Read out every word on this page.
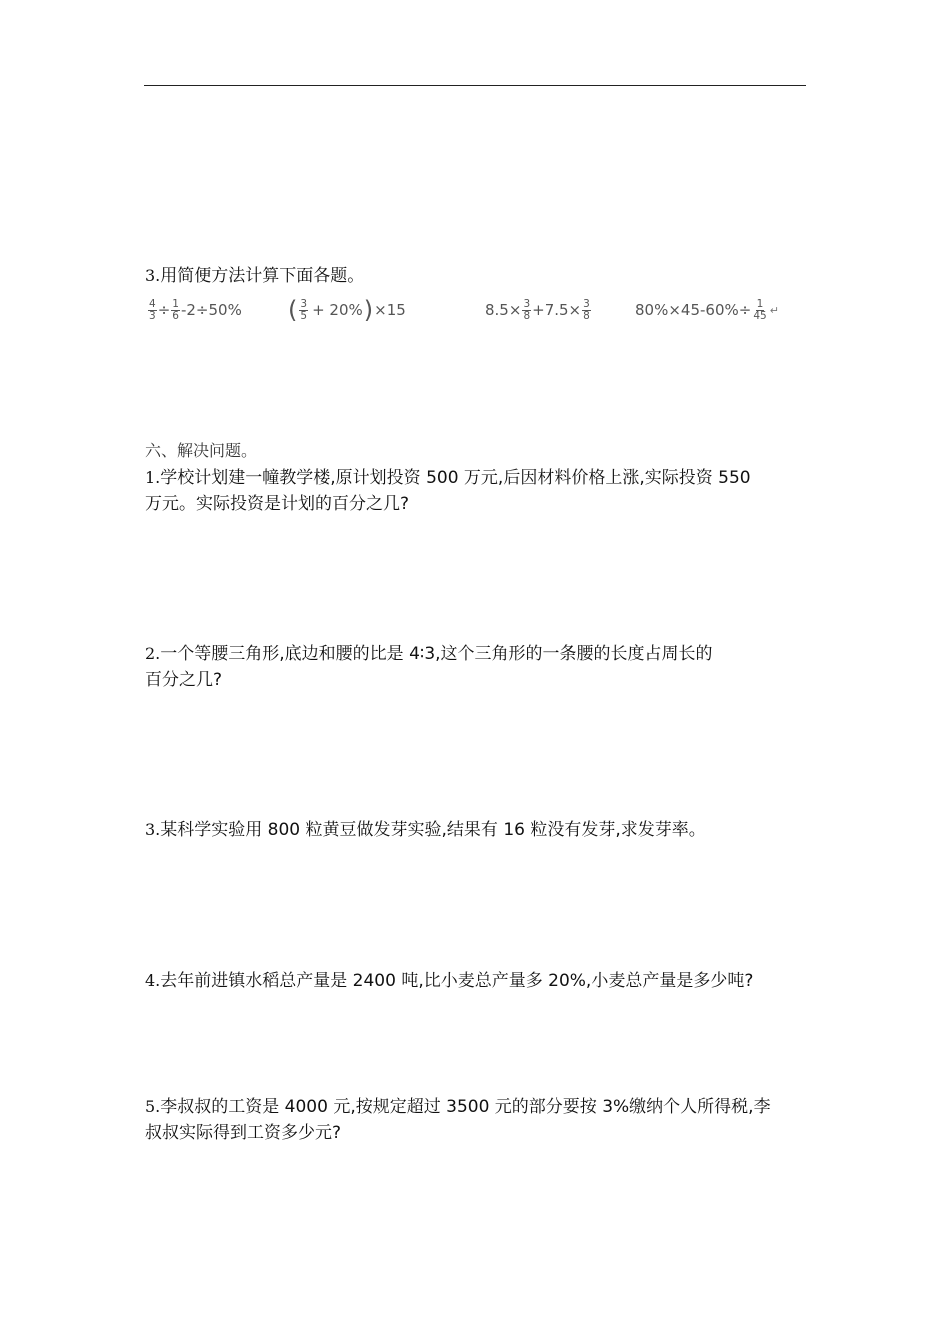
3.用简便方法计算下面各题。
$\frac{4}{3} \div \frac{1}{6} -2\div 50\%$ ( $\frac{3}{5} + 20\%$ ) ×15	$8.5\times \frac{3}{8} +7.5\times \frac{3}{8}$	$80\%\times 45-60\%\div \frac{1}{45}$ ↵
六、解决问题。
1.学校计划建一幢教学楼,原计划投资 500 万元,后因材料价格上涨,实际投资 550
万元。实际投资是计划的百分之几?
2.一个等腰三角形,底边和腰的比是 4∶3,这个三角形的一条腰的长度占周长的
百分之几?
3.某科学实验用 800 粒黄豆做发芽实验,结果有 16 粒没有发芽,求发芽率。
4.去年前进镇水稻总产量是 2400 吨,比小麦总产量多 20%,小麦总产量是多少吨?
5.李叔叔的工资是 4000 元,按规定超过 3500 元的部分要按 3%缴纳个人所得税,李
叔叔实际得到工资多少元?
